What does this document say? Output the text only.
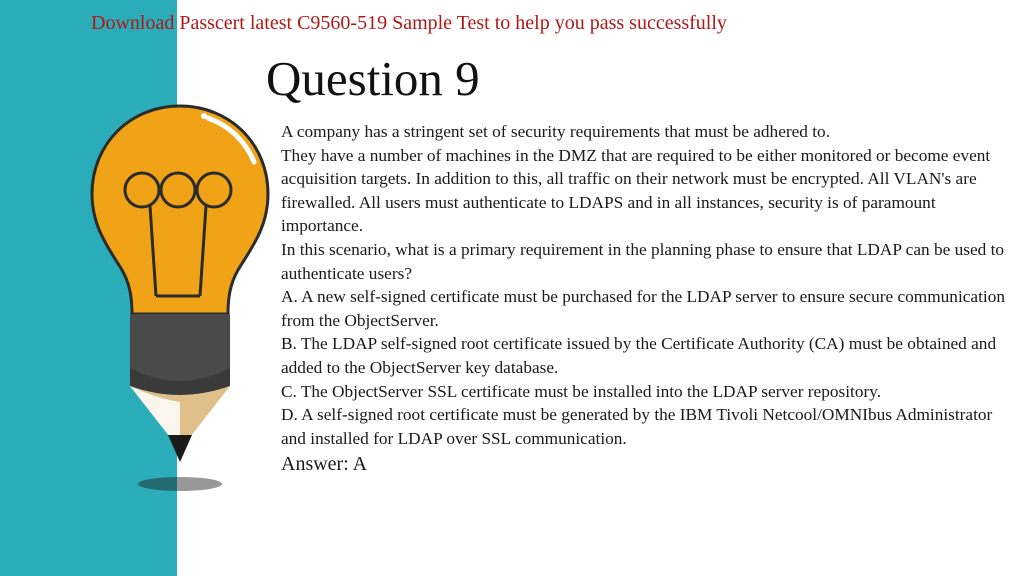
Download Passcert latest C9560-519 Sample Test to help you pass successfully
Question 9

A company has a stringent set of security requirements that must be adhered to.

They have a number of machines in the DMZ that are required to be either monitored or become event acquisition targets. In addition to this, all traffic on their network must be encrypted. All VLAN's are firewalled. All users must authenticate to LDAPS and in all instances, security is of paramount importance.

In this scenario, what is a primary requirement in the planning phase to ensure that LDAP can be used to authenticate users?

A. A new self-signed certificate must be purchased for the LDAP server to ensure secure communication from the ObjectServer.

B. The LDAP self-signed root certificate issued by the Certificate Authority (CA) must be obtained and added to the ObjectServer key database.

C. The ObjectServer SSL certificate must be installed into the LDAP server repository.

D. A self-signed root certificate must be generated by the IBM Tivoli Netcool/OMNIbus Administrator and installed for LDAP over SSL communication.

Answer: A
